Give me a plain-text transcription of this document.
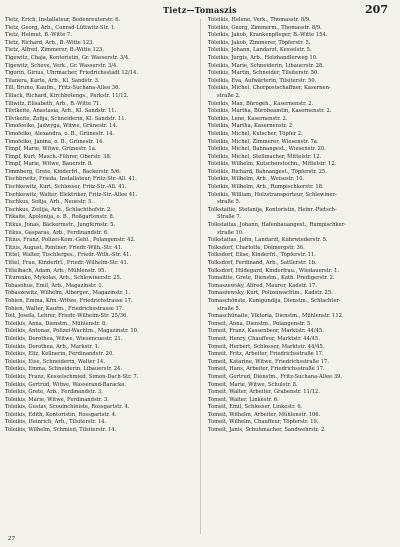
Tietz—Tomaszis	207
Tietz, Erich, Installateur, Bodenreuterstr. 6.
Tietz, Georg, Arb., Conrad-Lüttwitz-Str. 1.
Tietz, Helmut, B.-Witte 7.
Tietz, Richard, Arb., B.-Witte 123.
Tietz, Alfred, Zimmerer, B.-Witte 123.
Tigewitz, Chaja, Kontoristin, Gr. Wasserstr. 3/4.
Tigewitz, Scheve, Verk., Gr. Wasserstr. 3/4.
Tigorin, Girius, Uhrmacher, Friedrichsstadt 12/14.
Tilanera, Karte, Arb., Kl. Sandstr. 3.
Till, Bruno, Kaufm., Fritz-Suchana-Allee 36.
Tillack, Richard, Kirchbotengs., Parkstr. 11/12.
Tillwitz, Elisabeth, Arb., B.-Witte 71.
Tilvikeite, Anastasia, Arb., Kl. Sandstr. 11.
Tilvikeite, Zofija, Schneiderin, Kl. Sandstr. 11.
Timofeeiko, Jadwyga, Witwe, Grünestr. 14.
Timofeiko, Alexandra, o. B., Grünestr. 14.
Timofeiko, Janina, o. B., Grünestr. 14.
Timpf, Marie, Witwe, Grünestr. 1a.
Timpf, Kurt, Masch.-Führer, Oberstr. 38.
Timpf, Marie, Witwe, Bauerstr. 8.
Timmberg, Grete, Kinderfrl., Backerstr. 5/6.
Tischbrwitz, Frieda, Installateur, Fritz-Str.-All. 41.
Tischkewitz, Kurt, Schlosser, Fritz-Str.-All. 41.
Tischkewitz, Walter, Elektriker, Fritz-Str.-Allee 41.
Tischkus, Sofija, Arb., Neuestr. 5.
Tischkus, Zeilija, Arb., Schlachthofstr. 2.
Titkaite, Apolonija, o. B., Roßgartenstr. 8.
Titkus, Jonas, Bäckermstr., Jungfernstr. 5.
Titkus, Gasparas, Arb., Ferdinandstr. 6.
Titius, Franz, Polizei-Kom.-Gehl., Polangenstr. 42.
Titius, August, Rentner, Friedr.-Wilh.-Str. 41.
Tittel, Walter, Tischlerges., Friedr.-Wilh.-Str. 41.
Tittel, Frau, Kinderfrl., Friedr.-Wilhelm-Str. 41.
Tittelbach, Adam, Arb., Mühlenstr. 95.
Titurenko, Mykolas, Arb., Schlewinerstr. 25.
Tobasohus, Emil, Arb., Magazinstr. 1.
Tobaszewitz, Wilhelm, Alberger., Magazinstr. 1.
Tobien, Emma, Kfm.-Witwe, Friedrichstrasse 17.
Tobien, Walter, Kaufm., Friedrichsstrasse 17.
Toit, Josefa, Lehrer, Friedr.-Wilhelm-Str. 25/36.
Toleikis, Anna, Dienstm., Mühlenstr. 8.
Toleikis, Antonas, Polizei-Wachtm., Magazinstr. 10.
Toleikis, Dorothea, Witwe, Wiesencuestr. 21.
Toleikis, Dorothea, Arb., Markstr. 1.
Toleikis, Eliz, Kellnerin, Ferdinandstr. 20.
Toleikis, Eise, Schneiderin, Walter 14.
Toleikis, Emma, Schneiderin, Libauerstr. 24.
Toleikis, Franz, Kesselschmied, Simon-Dach-Str. 7.
Toleikis, Gertrud, Witwe, Wasserand-Baracke.
Toleikis, Grete, Arb., Ferdinandstr. 3.
Toleikis, Marie, Witwe, Ferdinandstr. 3.
Toleikis, Gustav, Scouinchiniste, Rossgartstr. 4.
Toleikis, Edith, Kontoristin, Rossgartstr. 4.
Toleikis, Heinrich, Arb., Tilsiterstr. 14.
Toleikis, Wilhelm, Schmied, Tilsiterstr. 14.
Toleikis, Helene, Verk., Thomasstr. 8/9.
Toleikis, Georg, Zimmerm., Thomasstr. 8/9.
Toleikis, Jakob, Krankenpfleger, B.-Witte 154.
Toleikis, Jakob, Zimmerer, Töpferstr. 5.
Toleikis, Johann, Landarzt, Kesselstr. 5.
Toleikis, Jurgis, Arb., Holzhandlerweg 10.
Toleikis, Marie, Schneiderin, Libauerstr. 28.
Toleikis, Martin, Schneider, Tilsiterstr. 50.
Toleikis, Eva, Aufwärterin, Tilsiterstr. 50.
Toleikis, Michel, Chorpostschaffner, Kasernen-
straße 2.
Toleikis, Max, Bürogeh., Kasernenstr. 2.
Toleikis, Martha, Bürobeamtin, Kasernenstr. 2.
Toleikis, Lene, Kasernenstr. 2.
Toleikis, Martha, Kasernenstr. 2.
Toleikis, Michel, Kutscher, Töpfer 2.
Toleikis, Michel, Zimmerer, Wiesenstr. 7a.
Toleikis, Michel, Bahnangest., Wiesenstr. 20.
Toleikis, Michel, Stellmacher, Mittelstr. 12.
Toleikis, Wilhelm, Kutscherstochn., Mittelstr. 12.
Toleikis, Richard, Bahnangest., Töpferstr. 25.
Toleikis, Wilhelm, Arb., Weisestr. 10.
Toleikis, Wilhelm, Arb., Rumpischkerstr. 18.
Toleikis, William, Holzstransporteur, Schlewiner-
straße 5.
Tolkstaitie, Stefanija, Kontoristin, Heinr.-Pietsch-
Straße 7.
Tolkstaitas, Johann, Hafenbauangest., Rumpischker-
straße 10.
Tolkstaitas, John, Landarzt, Kuhrwiederstr. 5.
Tolksdorf, Charlotte, Dolmergstr. 36.
Tolksdorf, Elise, Kinderfrl., Töpferstr. 11.
Tolksdorf, Ferdinand, Arb., Sattlerstr. 1b.
Tolksdorf, Hildegard, Kinderfrau., Wiedauerstr. 1.
Tomaitite, Grete, Dienstm., Kath. Predigerstr. 2.
Tomaszewsky, Alfred, Maurer, Kadstr. 17.
Tomaszewsky, Kurt, Polizeiwachtm., Kadstr. 25.
Tomaschönste, Kunigundija, Dienstm., Schlachter-
straße 5.
Tomaschünaite, Viktoria, Dienstm., Mühlenstr. 112.
Tomeit, Anna, Dienstm., Polangenstr. 5.
Tomeit, Franz, Kassenbeor, Marktstr. 44/45.
Tomeit, Henry, Chauffeur, Marktstr. 44/45.
Tomeit, Herbert, Schlosser, Marktstr. 44/45.
Tomeit, Fritz, Arbeiter, Friedrichsstraße 17.
Tomeit, Katarine, Witwe, Friedrichsstraße 17.
Tomeit, Hans, Arbeiter, Friedrichsstraße 17.
Tomeit, Gertrud, Dienstm., Fritz-Suchana-Allee 39.
Tomeit, Marie, Witwe, Schulstr. 8.
Tomeit, Walter, Arbeiter, Grabenstr. 11/12.
Tomeit, Walter, Linkestr. 6.
Tomeit, Emil, Schlosser, Linkestr. 6.
Tomeit, Wilhelm, Arbeiter, Mühlenstr. 106.
Tomeit, Wilhelm, Chauffeur, Töpferstr. 19.
Tomeit, Janis, Schuhmacher, Sandwehrstr. 2.
27
